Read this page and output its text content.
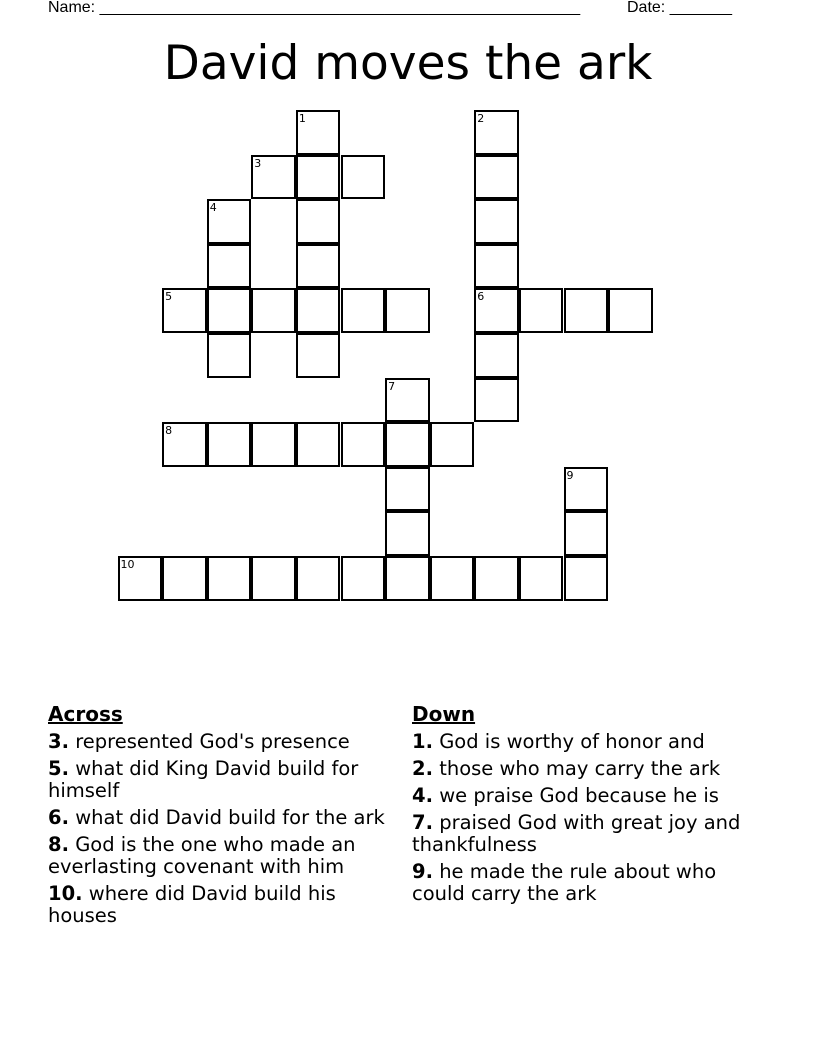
Name: ______________________________________________________	Date: _______
David moves the ark
1	2
3
4
5	6
7
8
9
10
Across
3. represented God's presence
5. what did King David build for himself
6. what did David build for the ark
8. God is the one who made an everlasting covenant with him
10. where did David build his houses
Down
1. God is worthy of honor and
2. those who may carry the ark
4. we praise God because he is
7. praised God with great joy and thankfulness
9. he made the rule about who could carry the ark
